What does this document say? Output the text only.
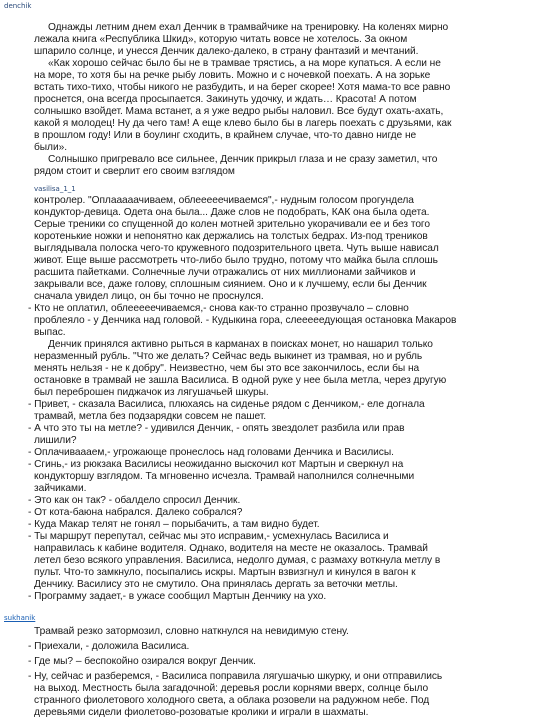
denchik
vasilisa_1_1
sukhanik
Однажды летним днем ехал Денчик в трамвайчике на тренировку. На коленях мирно
лежала книга «Республика Шкид», которую читать вовсе не хотелось. За окном
шпарило солнце, и унесся Денчик далеко-далеко, в страну фантазий и мечтаний.
«Как хорошо сейчас было бы не в трамвае трястись, а на море купаться. А если не
на море, то хотя бы на речке рыбу ловить. Можно и с ночевкой поехать. А на зорьке
встать тихо-тихо, чтобы никого не разбудить, и на берег скорее! Хотя мама-то все равно
проснется, она всегда просыпается. Закинуть удочку, и ждать… Красота! А потом
солнышко взойдет. Мама встанет, а я уже ведро рыбы наловил. Все будут охать-ахать,
какой я молодец! Ну да чего там! А еще клево было бы в лагерь поехать с друзьями, как
в прошлом году! Или в боулинг сходить, в крайнем случае, что-то давно нигде не
были».
Солнышко пригревало все сильнее, Денчик прикрыл глаза и не сразу заметил, что
рядом стоит и сверлит его своим взглядом
контролер. "Оплааааачиваем, облееееечиваемся",- нудным голосом прогундела
кондуктор-девица. Одета она была... Даже слов не подобрать, КАК она была одета.
Серые треники со спущенной до колен мотней зрительно укорачивали ее и без того
коротенькие ножки и непонятно как держались на толстых бедрах. Из-под треников
выглядывала полоска чего-то кружевного подозрительного цвета. Чуть выше нависал
живот. Еще выше рассмотреть что-либо было трудно, потому что майка была сплошь
расшита пайетками. Солнечные лучи отражались от них миллионами зайчиков и
закрывали все, даже голову, сплошным сиянием. Оно и к лучшему, если бы Денчик
сначала увидел лицо, он бы точно не проснулся.
- Кто не оплатил, облееееечиваемся,- снова как-то странно прозвучало – словно
проблеяло - у Денчика над головой. - Кудыкина гора, слееееедующая остановка Макаров
выпас.
Денчик принялся активно рыться в карманах в поисках монет, но нашарил только
неразменный рубль. "Что же делать? Сейчас ведь выкинет из трамвая, но и рубль
менять нельзя - не к добру". Неизвестно, чем бы это все закончилось, если бы на
остановке в трамвай не зашла Василиса. В одной руке у нее была метла, через другую
был переброшен пиджачок из лягушачьей шкуры.
- Привет, - сказала Василиса, плюхаясь на сиденье рядом с Денчиком,- еле догнала
трамвай, метла без подзарядки совсем не пашет.
- А что это ты на метле? - удивился Денчик, - опять звездолет разбила или прав
лишили?
- Оплачиваааем,- угрожающе пронеслось над головами Денчика и Василисы.
- Сгинь,- из рюкзака Василисы неожиданно выскочил кот Мартын и сверкнул на
кондукторшу взглядом. Та мгновенно исчезла. Трамвай наполнился солнечными
зайчиками.
- Это как он так? - обалдело спросил Денчик.
- От кота-баюна набрался. Далеко собрался?
- Куда Макар телят не гонял – порыбачить, а там видно будет.
- Ты маршрут перепутал, сейчас мы это исправим,- усмехнулась Василиса и
направилась к кабине водителя. Однако, водителя на месте не оказалось. Трамвай
летел безо всякого управления. Василиса, недолго думая, с размаху воткнула метлу в
пульт. Что-то замкнуло, посыпались искры. Мартын взвизгнул и кинулся в вагон к
Денчику. Василису это не смутило. Она принялась дергать за веточки метлы.
- Программу задает,- в ужасе сообщил Мартын Денчику на ухо.
Трамвай резко затормозил, словно наткнулся на невидимую стену.
- Приехали, - доложила Василиса.
- Где мы? – беспокойно озирался вокруг Денчик.
- Ну, сейчас и разберемся, - Василиса поправила лягушачью шкурку, и они отправились
на выход. Местность была загадочной: деревья росли корнями вверх, солнце было
странного фиолетового холодного света, а облака розовели на радужном небе. Под
деревьями сидели фиолетово-розоватые кролики и играли в шахматы.
